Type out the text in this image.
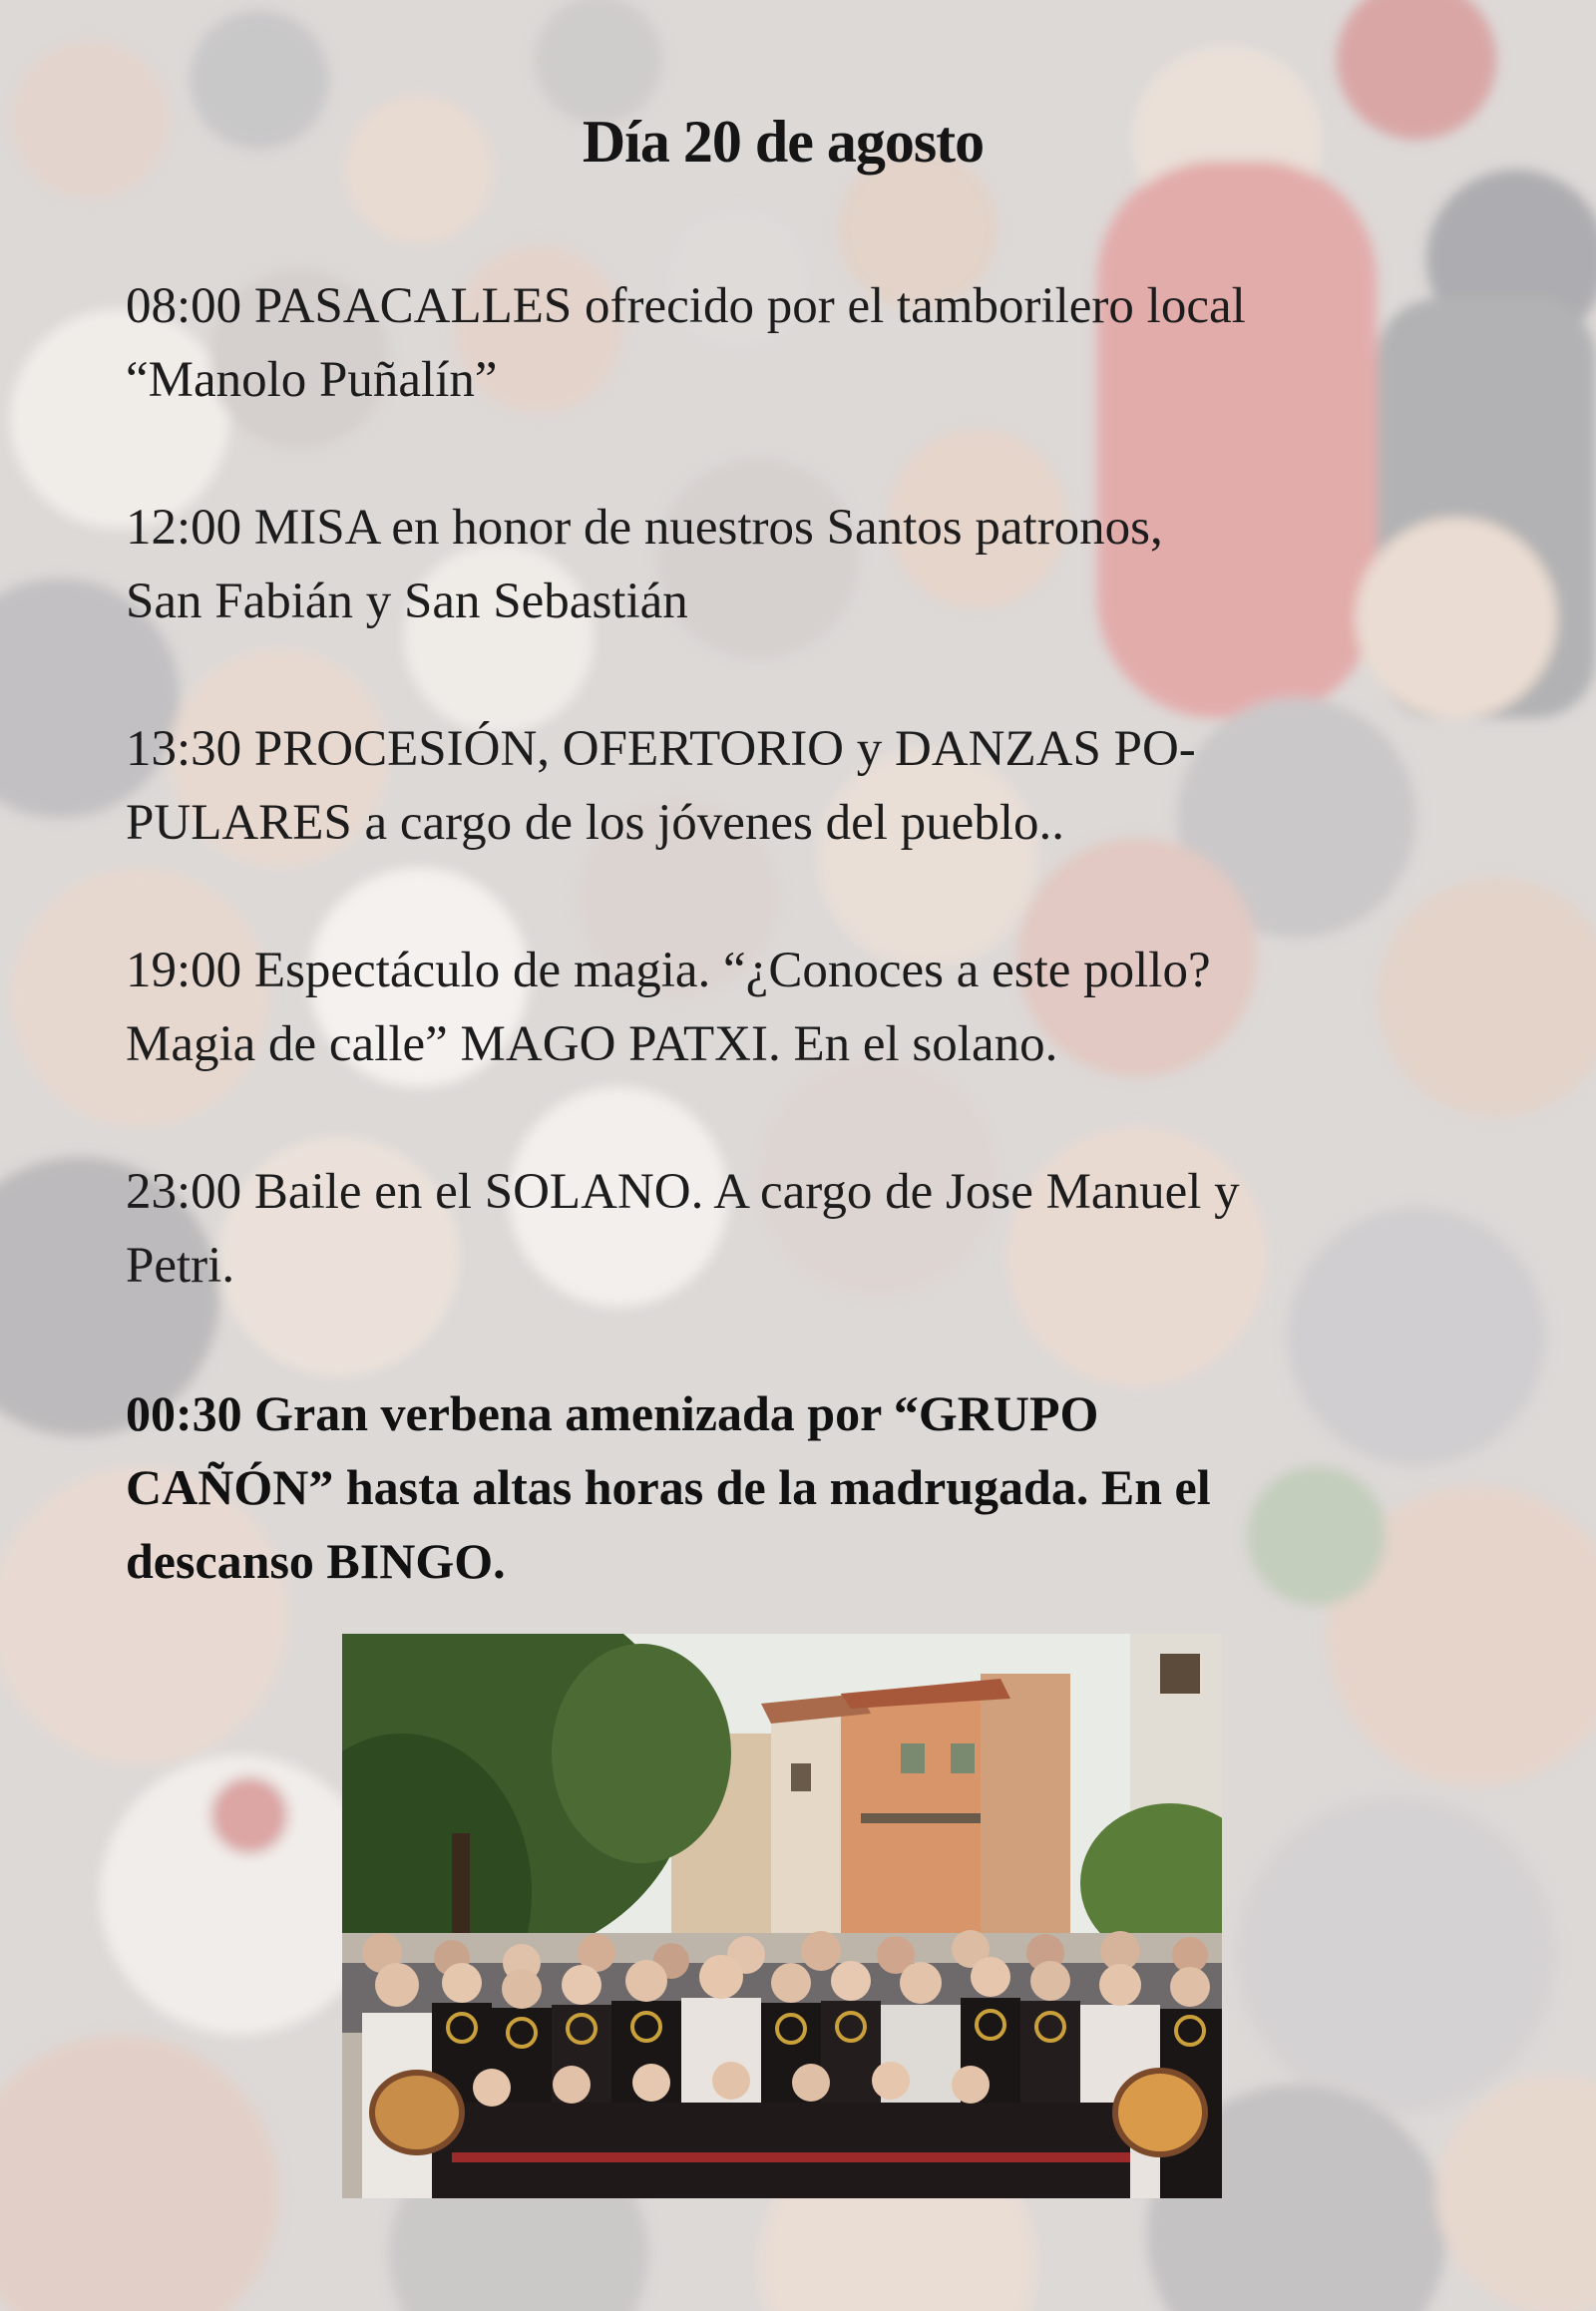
Día 20 de agosto
08:00 PASACALLES ofrecido por el tamborilero local
“Manolo Puñalín”
12:00 MISA en honor de nuestros Santos patronos,
San Fabián y San Sebastián
13:30 PROCESIÓN, OFERTORIO y DANZAS PO-
PULARES a cargo de los jóvenes del pueblo..
19:00 Espectáculo de magia. “¿Conoces a este pollo?
Magia de calle” MAGO PATXI. En el solano.
23:00 Baile en el SOLANO. A cargo de Jose Manuel y
Petri.
00:30 Gran verbena amenizada por “GRUPO
CAÑÓN” hasta altas horas de la madrugada. En el
descanso BINGO.
